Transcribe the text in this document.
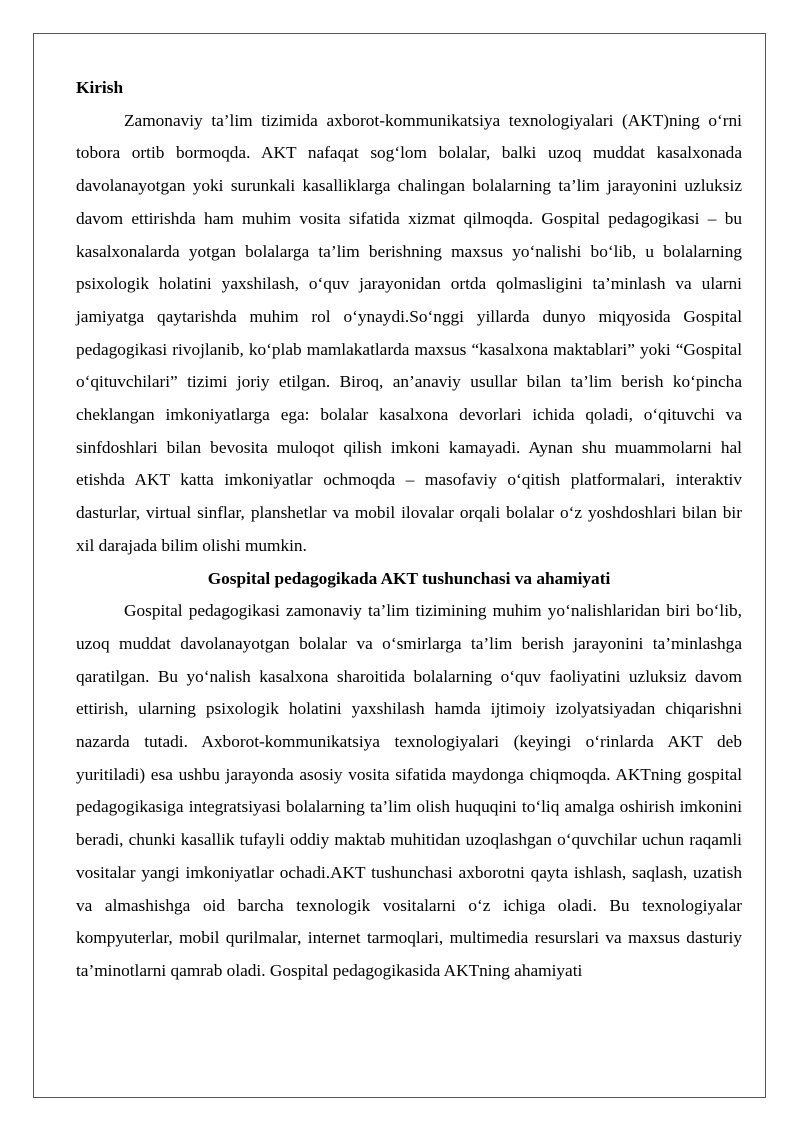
Kirish

Zamonaviy ta’lim tizimida axborot-kommunikatsiya texnologiyalari (AKT)ning o‘rni tobora ortib bormoqda. AKT nafaqat sog‘lom bolalar, balki uzoq muddat kasalxonada davolanayotgan yoki surunkali kasalliklarga chalingan bolalarning ta’lim jarayonini uzluksiz davom ettirishda ham muhim vosita sifatida xizmat qilmoqda. Gospital pedagogikasi – bu kasalxonalarda yotgan bolalarga ta’lim berishning maxsus yo‘nalishi bo‘lib, u bolalarning psixologik holatini yaxshilash, o‘quv jarayonidan ortda qolmasligini ta’minlash va ularni jamiyatga qaytarishda muhim rol o‘ynaydi.So‘nggi yillarda dunyo miqyosida Gospital pedagogikasi rivojlanib, ko‘plab mamlakatlarda maxsus “kasalxona maktablari” yoki “Gospital o‘qituvchilari” tizimi joriy etilgan. Biroq, an’anaviy usullar bilan ta’lim berish ko‘pincha cheklangan imkoniyatlarga ega: bolalar kasalxona devorlari ichida qoladi, o‘qituvchi va sinfdoshlari bilan bevosita muloqot qilish imkoni kamayadi. Aynan shu muammolarni hal etishda AKT katta imkoniyatlar ochmoqda – masofaviy o‘qitish platformalari, interaktiv dasturlar, virtual sinflar, planshetlar va mobil ilovalar orqali bolalar o‘z yoshdoshlari bilan bir xil darajada bilim olishi mumkin.

Gospital pedagogikada AKT tushunchasi va ahamiyati

Gospital pedagogikasi zamonaviy ta’lim tizimining muhim yo‘nalishlaridan biri bo‘lib, uzoq muddat davolanayotgan bolalar va o‘smirlarga ta’lim berish jarayonini ta’minlashga qaratilgan. Bu yo‘nalish kasalxona sharoitida bolalarning o‘quv faoliyatini uzluksiz davom ettirish, ularning psixologik holatini yaxshilash hamda ijtimoiy izolyatsiyadan chiqarishni nazarda tutadi. Axborot-kommunikatsiya texnologiyalari (keyingi o‘rinlarda AKT deb yuritiladi) esa ushbu jarayonda asosiy vosita sifatida maydonga chiqmoqda. AKTning gospital pedagogikasiga integratsiyasi bolalarning ta’lim olish huquqini to‘liq amalga oshirish imkonini beradi, chunki kasallik tufayli oddiy maktab muhitidan uzoqlashgan o‘quvchilar uchun raqamli vositalar yangi imkoniyatlar ochadi.AKT tushunchasi axborotni qayta ishlash, saqlash, uzatish va almashishga oid barcha texnologik vositalarni o‘z ichiga oladi. Bu texnologiyalar kompyuterlar, mobil qurilmalar, internet tarmoqlari, multimedia resurslari va maxsus dasturiy ta’minotlarni qamrab oladi. Gospital pedagogikasida AKTning ahamiyati
